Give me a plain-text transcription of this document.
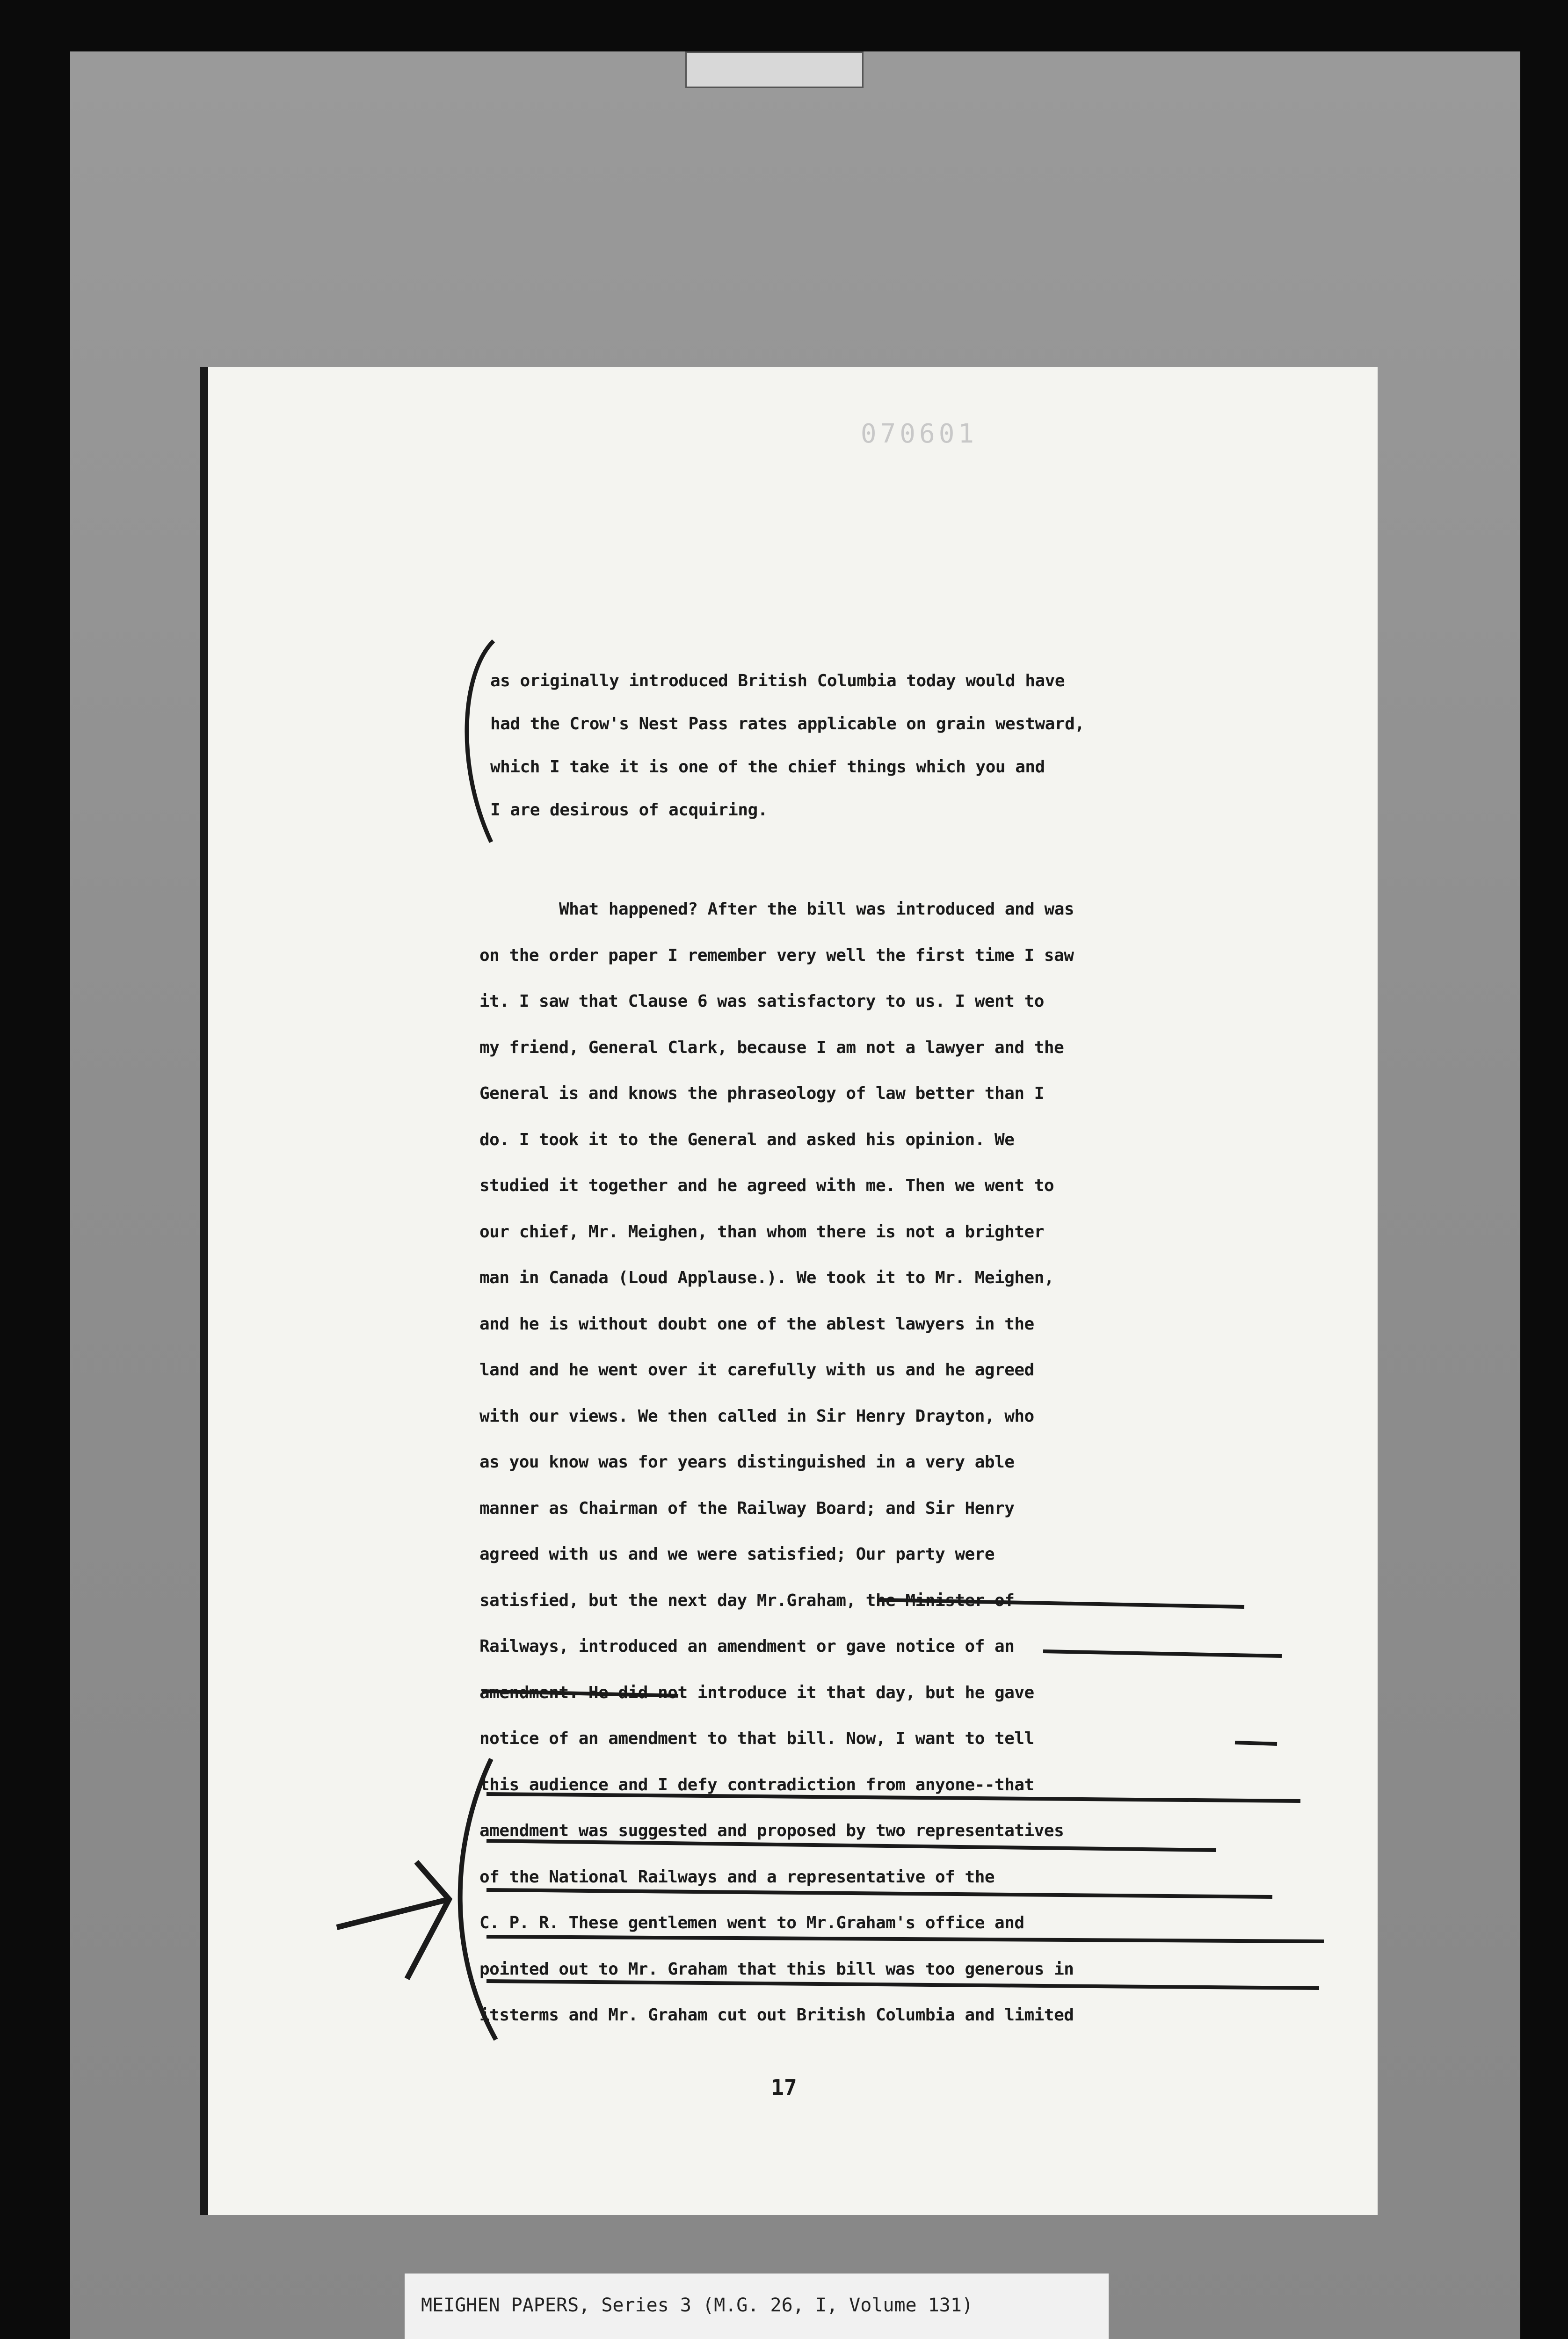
070601
as originally introduced British Columbia today would have
had the Crow's Nest Pass rates applicable on grain westward,
which I take it is one of the chief things which you and
I are desirous of acquiring.
What happened? After the bill was introduced and was
on the order paper I remember very well the first time I saw
it. I saw that Clause 6 was satisfactory to us. I went to
my friend, General Clark, because I am not a lawyer and the
General is and knows the phraseology of law better than I
do. I took it to the General and asked his opinion. We
studied it together and he agreed with me. Then we went to
our chief, Mr. Meighen, than whom there is not a brighter
man in Canada (Loud Applause.). We took it to Mr. Meighen,
and he is without doubt one of the ablest lawyers in the
land and he went over it carefully with us and he agreed
with our views. We then called in Sir Henry Drayton, who
as you know was for years distinguished in a very able
manner as Chairman of the Railway Board; and Sir Henry
agreed with us and we were satisfied; Our party were
satisfied, but the next day Mr.Graham, the Minister of
Railways, introduced an amendment or gave notice of an
amendment. He did not introduce it that day, but he gave
notice of an amendment to that bill. Now, I want to tell
this audience and I defy contradiction from anyone--that
amendment was suggested and proposed by two representatives
of the National Railways and a representative of the
C. P. R. These gentlemen went to Mr.Graham's office and
pointed out to Mr. Graham that this bill was too generous in
itsterms and Mr. Graham cut out British Columbia and limited
17
MEIGHEN PAPERS, Series 3 (M.G. 26, I, Volume 131)
